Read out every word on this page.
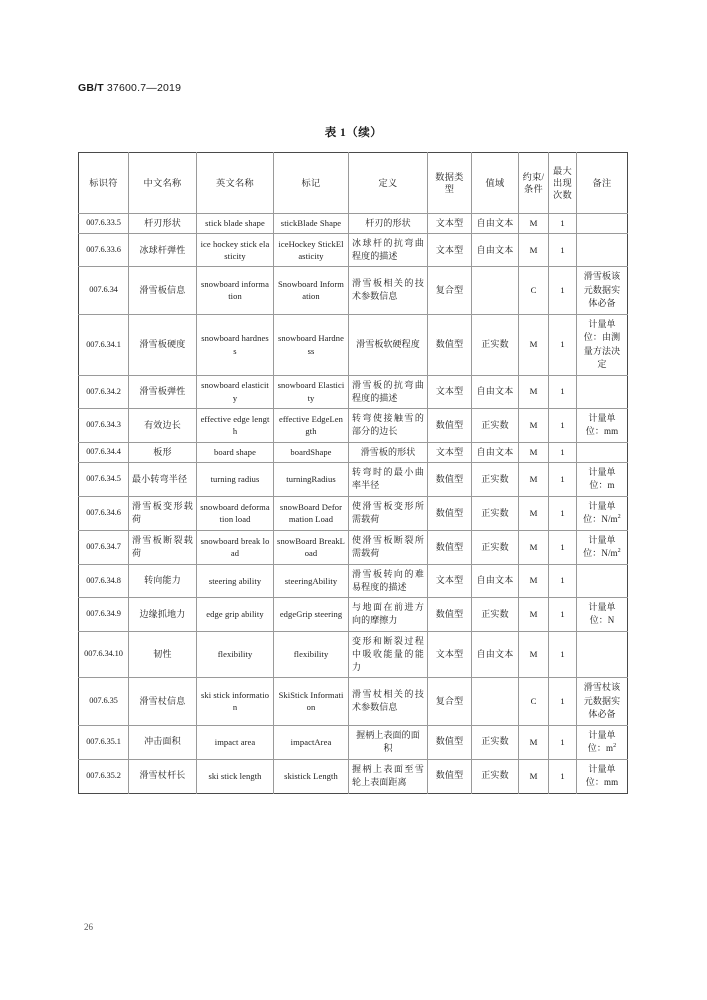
GB/T 37600.7—2019
表 1（续）
标识符	中文名称	英文名称	标记	定义	数据类型	值域	约束/条件	最大出现次数	备注
007.6.33.5	杆刃形状	stick blade shape	stickBlade Shape	杆刃的形状	文本型	自由文本	M	1	
007.6.33.6	冰球杆弹性	ice hockey stick elasticity	iceHockey StickElasticity	冰球杆的抗弯曲程度的描述	文本型	自由文本	M	1	
007.6.34	滑雪板信息	snowboard information	Snowboard Information	滑雪板相关的技术参数信息	复合型		C	1	滑雪板该元数据实体必备
007.6.34.1	滑雪板硬度	snowboard hardness	snowboard Hardness	滑雪板软硬程度	数值型	正实数	M	1	计量单位：由测量方法决定
007.6.34.2	滑雪板弹性	snowboard elasticity	snowboard Elasticity	滑雪板的抗弯曲程度的描述	文本型	自由文本	M	1	
007.6.34.3	有效边长	effective edge length	effective EdgeLength	转弯使接触雪的部分的边长	数值型	正实数	M	1	计量单位：mm
007.6.34.4	板形	board shape	boardShape	滑雪板的形状	文本型	自由文本	M	1	
007.6.34.5	最小转弯半径	turning radius	turningRadius	转弯时的最小曲率半径	数值型	正实数	M	1	计量单位：m
007.6.34.6	滑雪板变形载荷	snowboard deformation load	snowBoard Deformation Load	使滑雪板变形所需载荷	数值型	正实数	M	1	计量单位：$N/m^2$
007.6.34.7	滑雪板断裂载荷	snowboard break load	snowBoard BreakLoad	使滑雪板断裂所需载荷	数值型	正实数	M	1	计量单位：$N/m^2$
007.6.34.8	转向能力	steering ability	steeringAbility	滑雪板转向的难易程度的描述	文本型	自由文本	M	1	
007.6.34.9	边缘抓地力	edge grip ability	edgeGrip steering	与地面在前进方向的摩擦力	数值型	正实数	M	1	计量单位：N
007.6.34.10	韧性	flexibility	flexibility	变形和断裂过程中吸收能量的能力	文本型	自由文本	M	1	
007.6.35	滑雪杖信息	ski stick information	SkiStick Information	滑雪杖相关的技术参数信息	复合型		C	1	滑雪杖该元数据实体必备
007.6.35.1	冲击面积	impact area	impactArea	握柄上表面的面积	数值型	正实数	M	1	计量单位：$m^2$
007.6.35.2	滑雪杖杆长	ski stick length	skistick Length	握柄上表面至雪轮上表面距离	数值型	正实数	M	1	计量单位：mm
26
